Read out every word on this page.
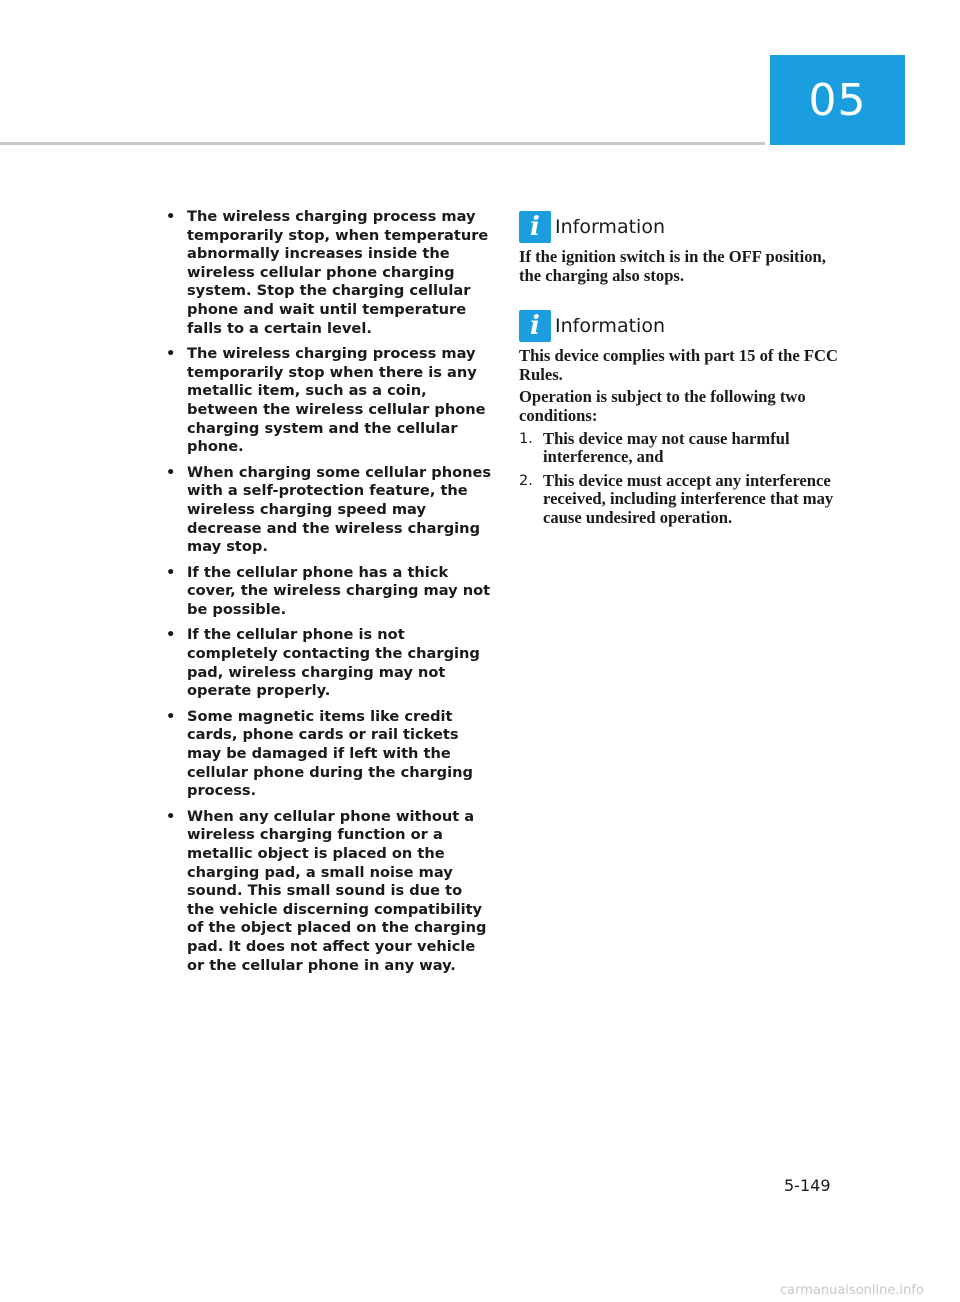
05
• The wireless charging process may temporarily stop, when temperature abnormally increases inside the wireless cellular phone charging system. Stop the charging cellular phone and wait until temperature falls to a certain level.
• The wireless charging process may temporarily stop when there is any metallic item, such as a coin, between the wireless cellular phone charging system and the cellular phone.
• When charging some cellular phones with a self-protection feature, the wireless charging speed may decrease and the wireless charging may stop.
• If the cellular phone has a thick cover, the wireless charging may not be possible.
• If the cellular phone is not completely contacting the charging pad, wireless charging may not operate properly.
• Some magnetic items like credit cards, phone cards or rail tickets may be damaged if left with the cellular phone during the charging process.
• When any cellular phone without a wireless charging function or a metallic object is placed on the charging pad, a small noise may sound. This small sound is due to the vehicle discerning compatibility of the object placed on the charging pad. It does not affect your vehicle or the cellular phone in any way.
i Information

If the ignition switch is in the OFF position, the charging also stops.

i Information

This device complies with part 15 of the FCC Rules.

Operation is subject to the following two conditions:

1. This device may not cause harmful interference, and
2. This device must accept any interference received, including interference that may cause undesired operation.
5-149
carmanualsonline.info
